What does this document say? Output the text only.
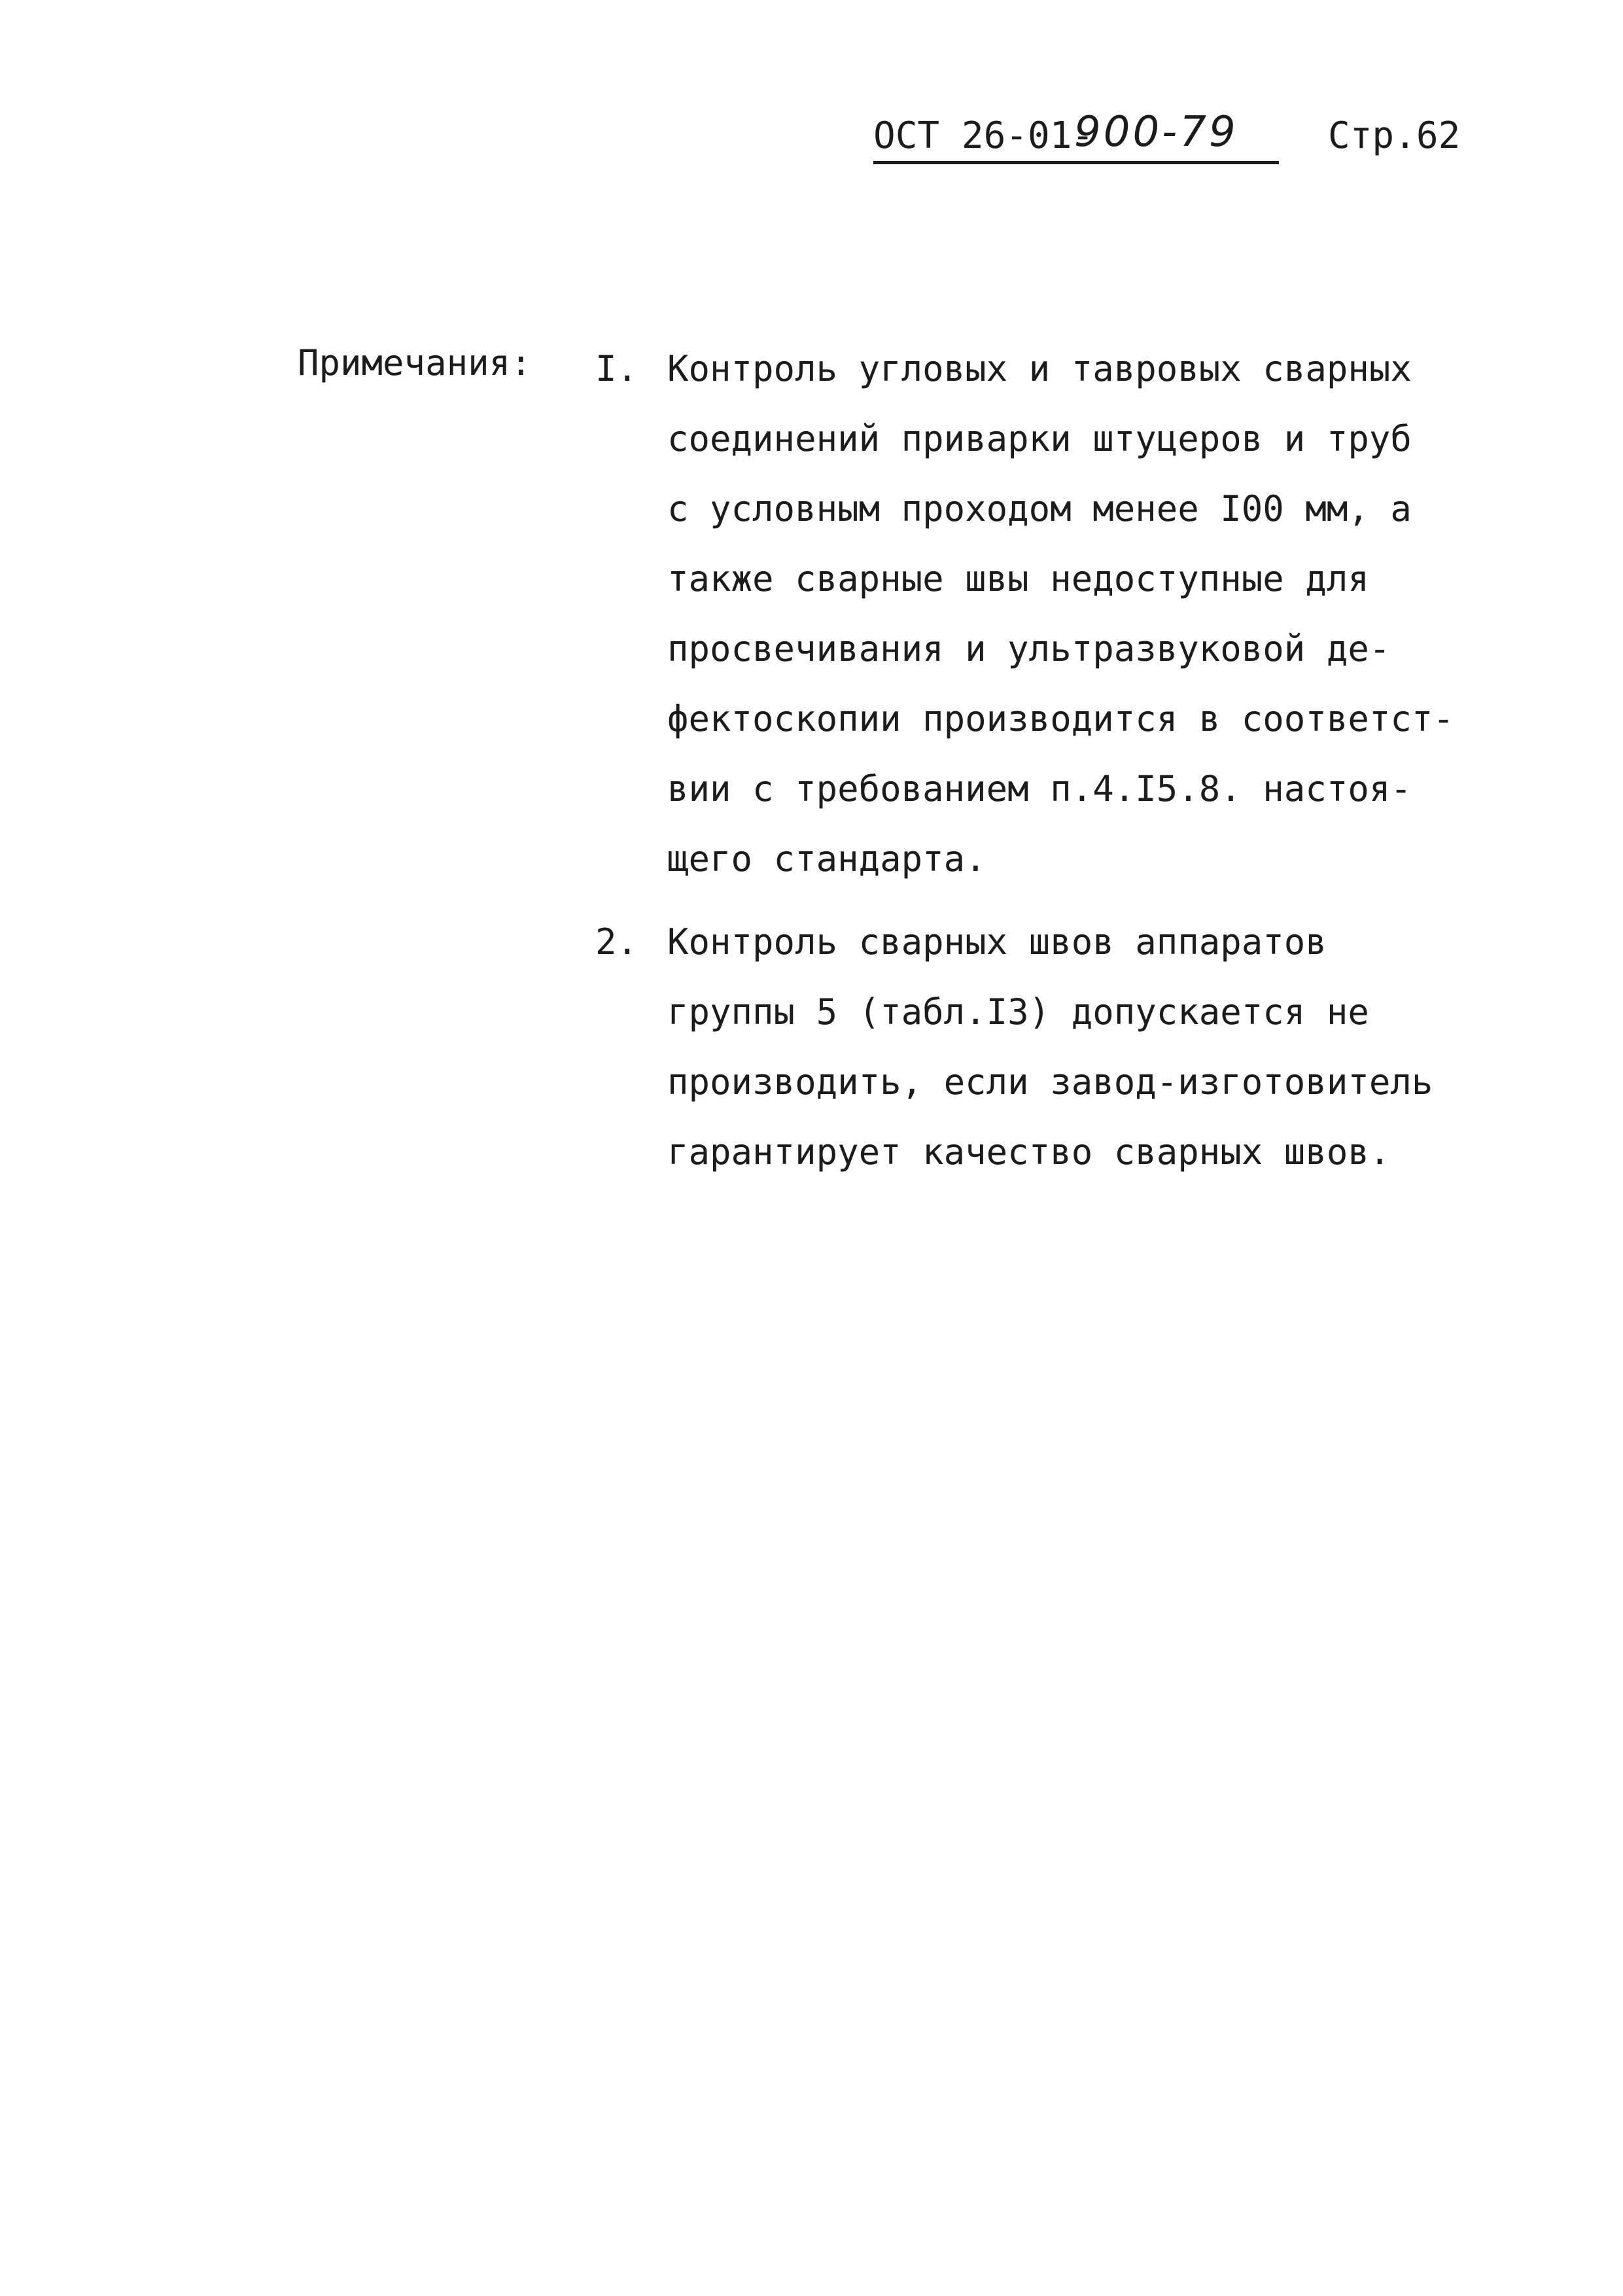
ОСТ 26-01-
900-79 Стр.62
Примечания: I. Контроль угловых и тавровых сварных
соединений приварки штуцеров и труб
с условным проходом менее I00 мм, а
также сварные швы недоступные для
просвечивания и ультразвуковой де-
фектоскопии производится в соответст-
вии с требованием п.4.I5.8. настоя-
щего стандарта.
2. Контроль сварных швов аппаратов
группы 5 (табл.I3) допускается не
производить, если завод-изготовитель
гарантирует качество сварных швов.
